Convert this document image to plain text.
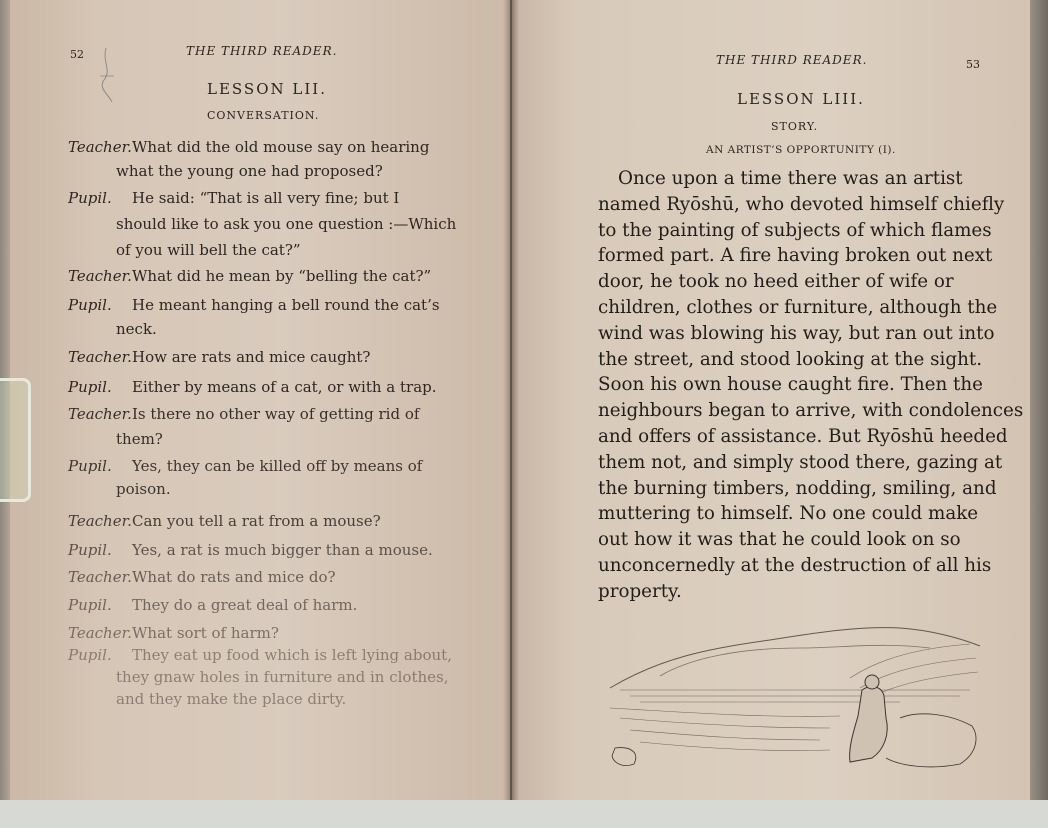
52	THE THIRD READER.
LESSON LII.
CONVERSATION.
Teacher. What did the old mouse say on hearing
what the young one had proposed?
Pupil. He said: “That is all very fine; but I
should like to ask you one question :—Which
of you will bell the cat?”
Teacher. What did he mean by “belling the cat?”
Pupil. He meant hanging a bell round the cat’s
neck.
Teacher. How are rats and mice caught?
Pupil. Either by means of a cat, or with a trap.
Teacher. Is there no other way of getting rid of
them?
Pupil. Yes, they can be killed off by means of
poison.
Teacher. Can you tell a rat from a mouse?
Pupil. Yes, a rat is much bigger than a mouse.
Teacher. What do rats and mice do?
Pupil. They do a great deal of harm.
Teacher. What sort of harm?
Pupil. They eat up food which is left lying about,
they gnaw holes in furniture and in clothes,
and they make the place dirty.
THE THIRD READER.	53
LESSON LIII.
STORY.
AN ARTIST’S OPPORTUNITY (I).
Once upon a time there was an artist
named Ryōshū, who devoted himself chiefly
to the painting of subjects of which flames
formed part. A fire having broken out next
door, he took no heed either of wife or
children, clothes or furniture, although the
wind was blowing his way, but ran out into
the street, and stood looking at the sight.
Soon his own house caught fire. Then the
neighbours began to arrive, with condolences
and offers of assistance. But Ryōshū heeded
them not, and simply stood there, gazing at
the burning timbers, nodding, smiling, and
muttering to himself. No one could make
out how it was that he could look on so
unconcernedly at the destruction of all his
property.
